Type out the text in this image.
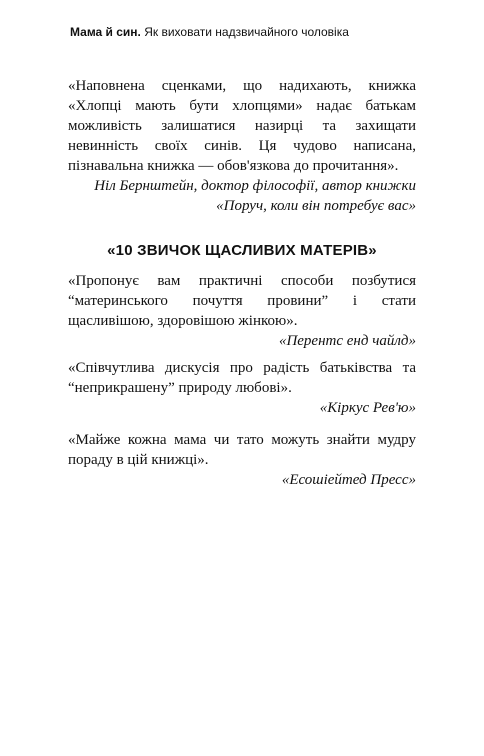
Мама й син. Як виховати надзвичайного чоловіка

«Наповнена сценками, що надихають, книжка «Хлопці мають бути хлопцями» надає батькам можливість залишатися назирці та захищати невинність своїх синів. Ця чудово написана, пізнавальна книжка — обов'язкова до прочитання».

Ніл Бернштейн, доктор філософії, автор книжки

«Поруч, коли він потребує вас»

«10 ЗВИЧОК ЩАСЛИВИХ МАТЕРІВ»

«Пропонує вам практичні способи позбутися “материнського почуття провини” і стати щасливішою, здоровішою жінкою».

«Перентс енд чайлд»

«Співчутлива дискусія про радість батьківства та “неприкрашену” природу любові».

«Кіркус Рев'ю»

«Майже кожна мама чи тато можуть знайти мудру пораду в цій книжці».

«Есошіейтед Пресс»
